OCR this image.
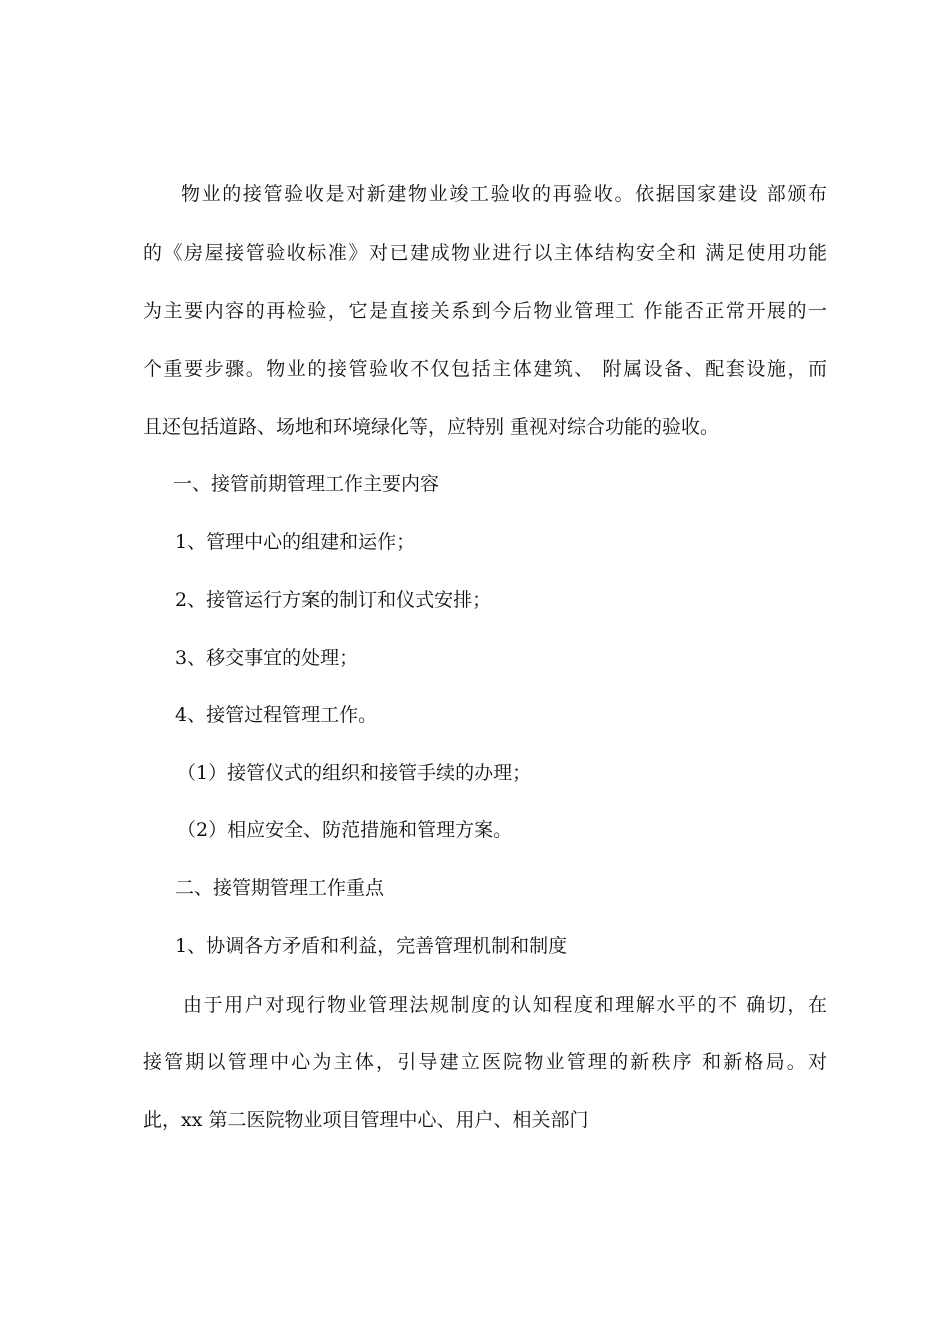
物业的接管验收是对新建物业竣工验收的再验收。依据国家建设 部颁布
的《房屋接管验收标准》对已建成物业进行以主体结构安全和 满足使用功能
为主要内容的再检验，它是直接关系到今后物业管理工 作能否正常开展的一
个重要步骤。物业的接管验收不仅包括主体建筑、 附属设备、配套设施，而
且还包括道路、场地和环境绿化等，应特别 重视对综合功能的验收。
一、接管前期管理工作主要内容
1、管理中心的组建和运作；
2、接管运行方案的制订和仪式安排；
3、移交事宜的处理；
4、接管过程管理工作。
（1）接管仪式的组织和接管手续的办理；
（2）相应安全、防范措施和管理方案。
二、接管期管理工作重点
1、协调各方矛盾和利益，完善管理机制和制度
由于用户对现行物业管理法规制度的认知程度和理解水平的不 确切，在
接管期以管理中心为主体，引导建立医院物业管理的新秩序 和新格局。对
此，xx 第二医院物业项目管理中心、用户、相关部门
